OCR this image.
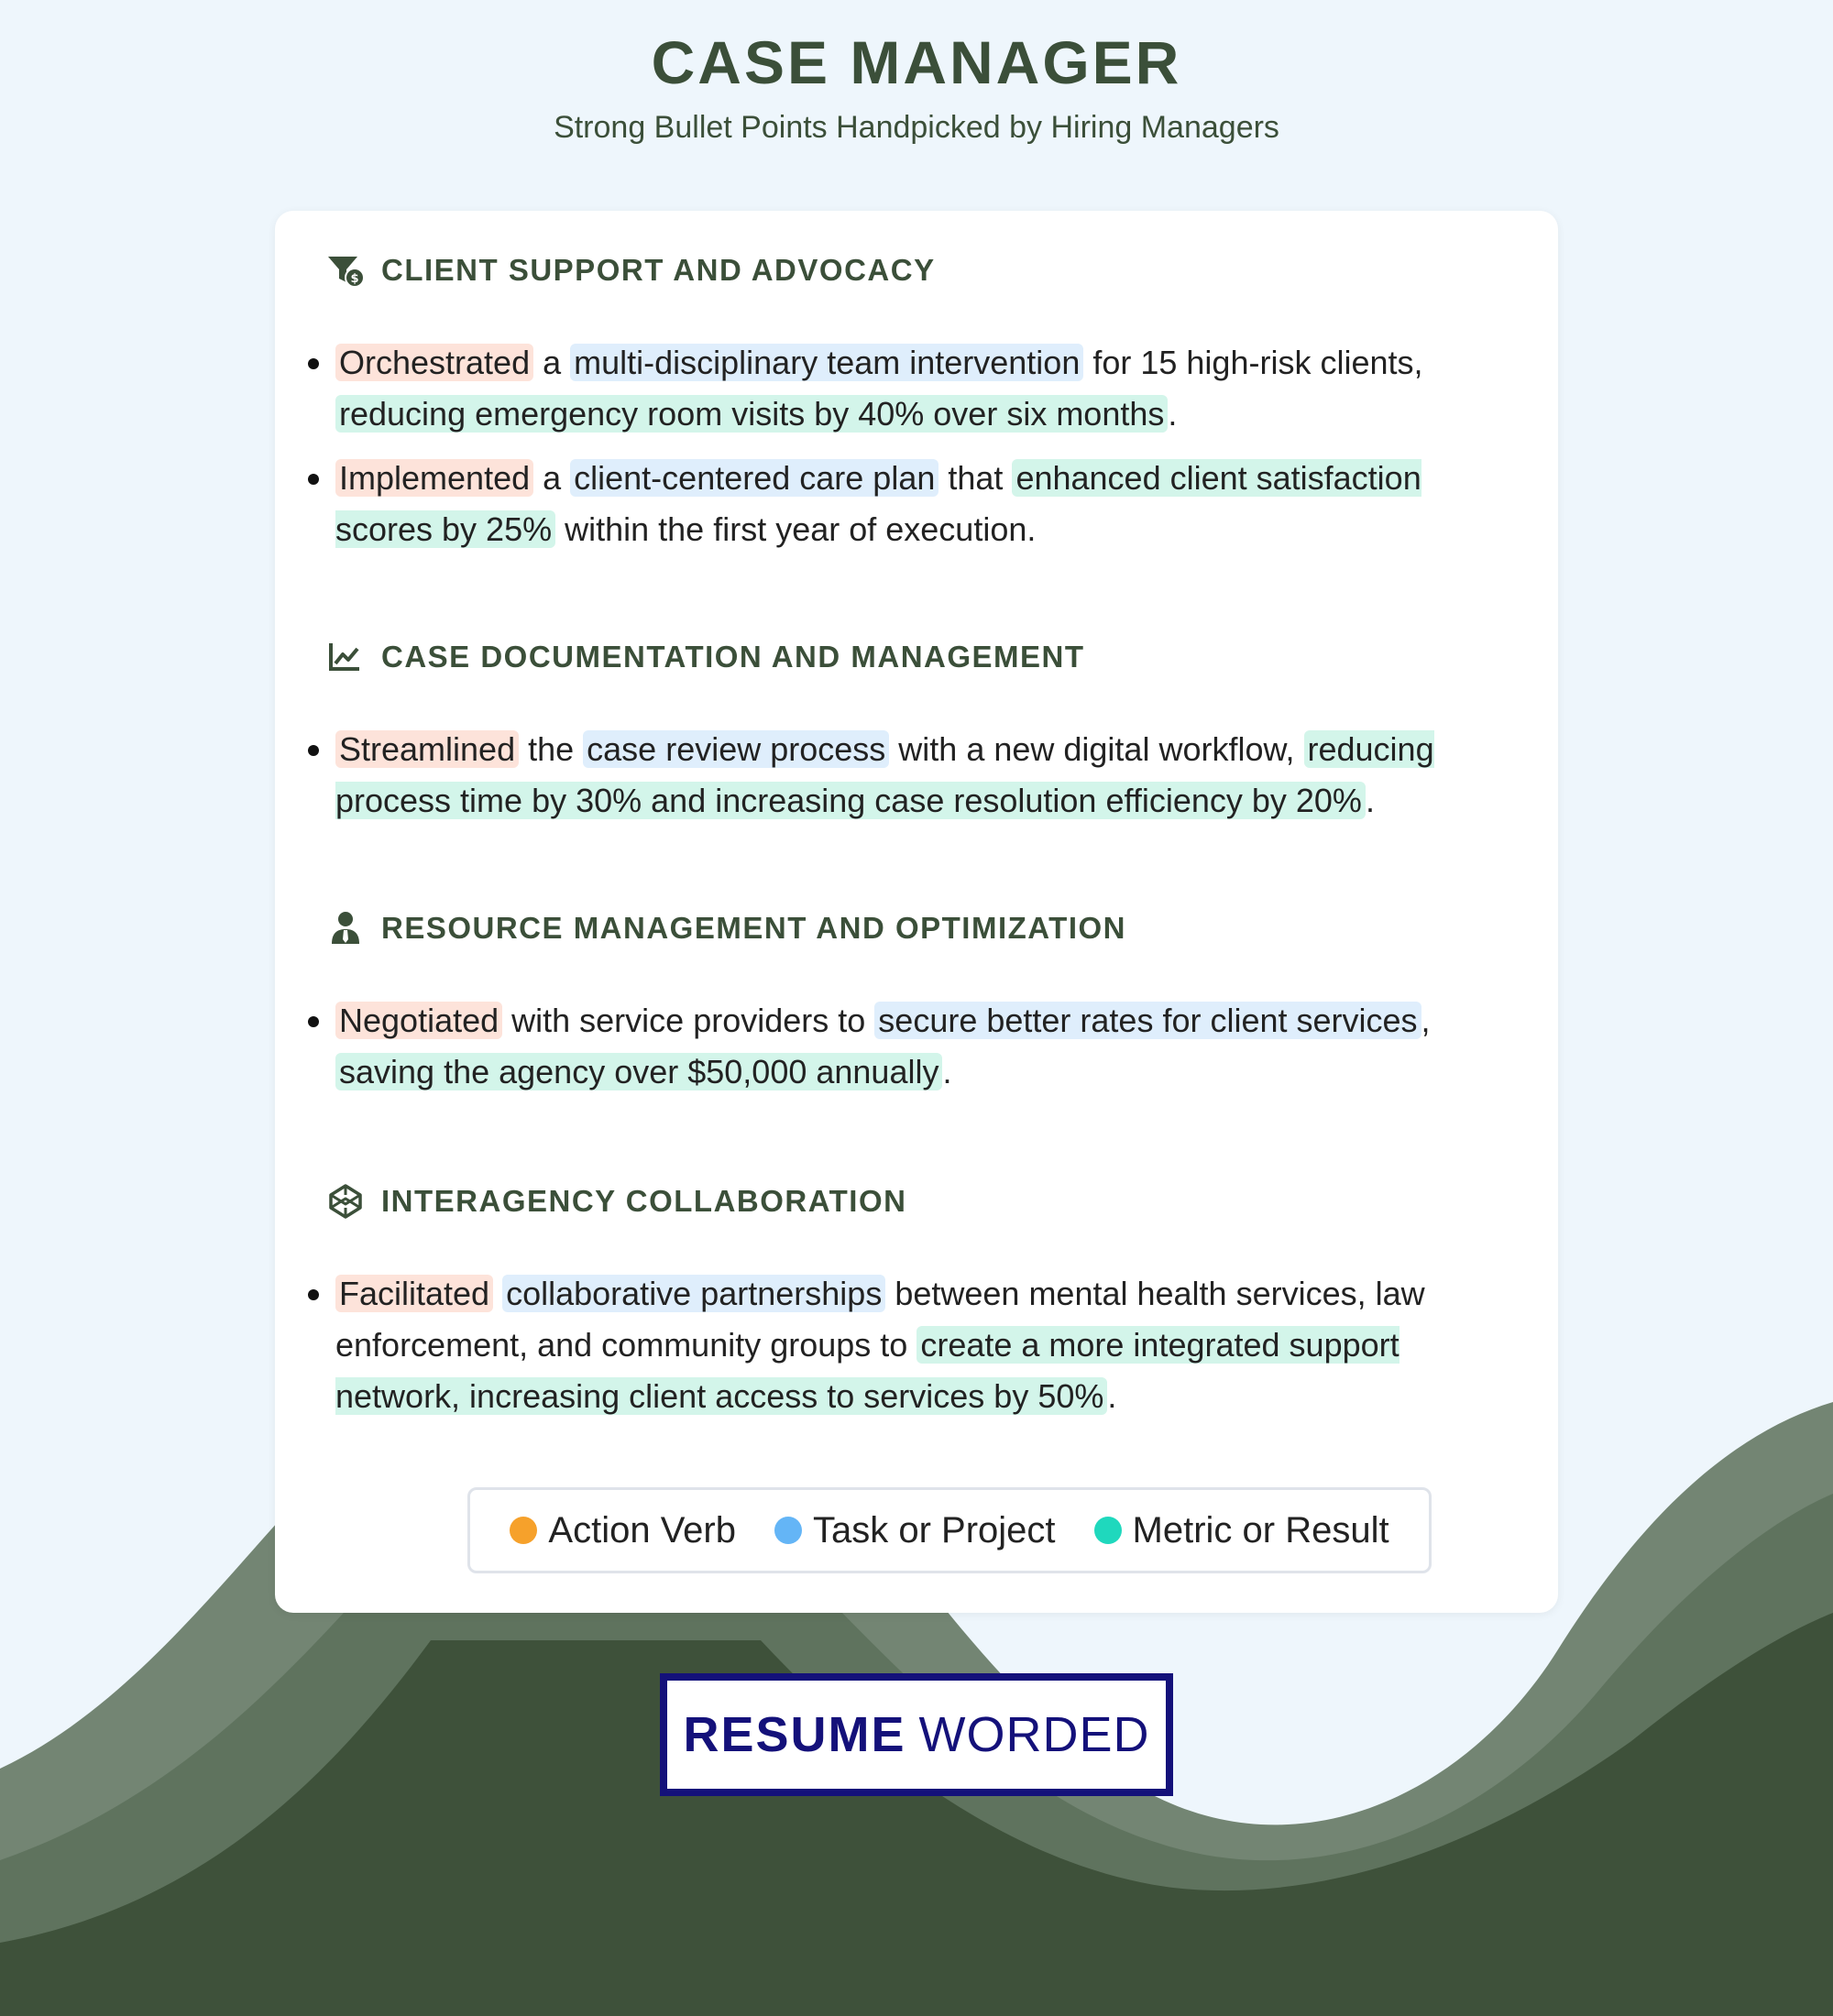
CASE MANAGER

Strong Bullet Points Handpicked by Hiring Managers

$ CLIENT SUPPORT AND ADVOCACY
Orchestrated a multi-disciplinary team intervention for 15 high-risk clients, reducing emergency room visits by 40% over six months .
Implemented a client-centered care plan that enhanced client satisfaction scores by 25% within the first year of execution.
CASE DOCUMENTATION AND MANAGEMENT
Streamlined the case review process with a new digital workflow, reducing process time by 30% and increasing case resolution efficiency by 20% .
RESOURCE MANAGEMENT AND OPTIMIZATION
Negotiated with service providers to secure better rates for client services , saving the agency over $50,000 annually .
INTERAGENCY COLLABORATION
Facilitated collaborative partnerships between mental health services, law enforcement, and community groups to create a more integrated support network, increasing client access to services by 50% .
Action Verb Task or Project Metric or Result
RESUME WORDED
